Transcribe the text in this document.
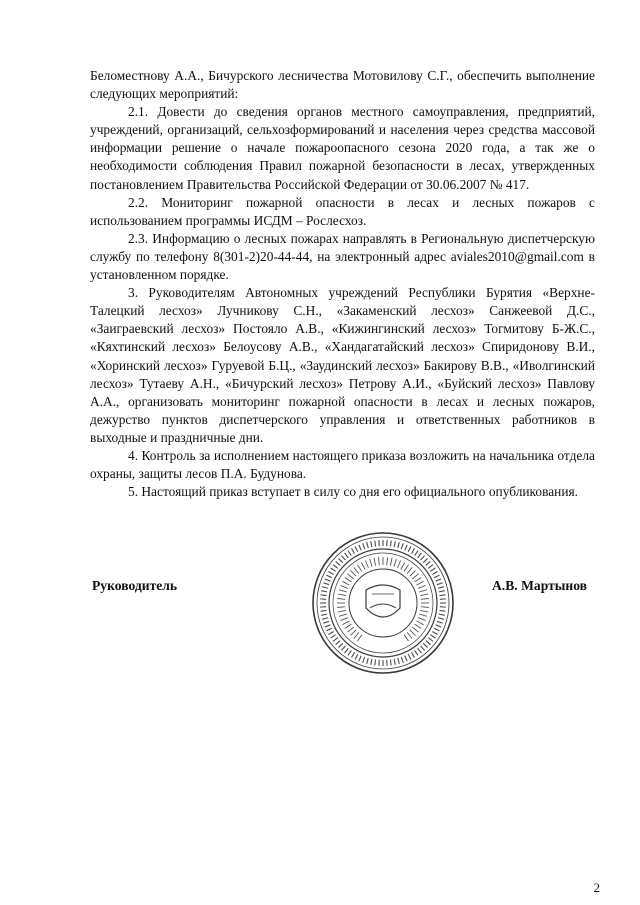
Беломестнову А.А., Бичурского лесничества Мотовилову С.Г., обеспечить выполнение следующих мероприятий:

2.1. Довести до сведения органов местного самоуправления, предприятий, учреждений, организаций, сельхозформирований и населения через средства массовой информации решение о начале пожароопасного сезона 2020 года, а так же о необходимости соблюдения Правил пожарной безопасности в лесах, утвержденных постановлением Правительства Российской Федерации от 30.06.2007 № 417.

2.2. Мониторинг пожарной опасности в лесах и лесных пожаров с использованием программы ИСДМ – Рослесхоз.

2.3. Информацию о лесных пожарах направлять в Региональную диспетчерскую службу по телефону 8(301-2)20-44-44, на электронный адрес aviales2010@gmail.com в установленном порядке.

3. Руководителям Автономных учреждений Республики Бурятия «Верхне-Талецкий лесхоз» Лучникову С.Н., «Закаменский лесхоз» Санжеевой Д.С., «Заиграевский лесхоз» Постояло А.В., «Кижингинский лесхоз» Тогмитову Б-Ж.С., «Кяхтинский лесхоз» Белоусову А.В., «Хандагатайский лесхоз» Спиридонову В.И., «Хоринский лесхоз» Гуруевой Б.Ц., «Заудинский лесхоз» Бакирову В.В., «Иволгинский лесхоз» Тутаеву А.Н., «Бичурский лесхоз» Петрову А.И., «Буйский лесхоз» Павлову А.А., организовать мониторинг пожарной опасности в лесах и лесных пожаров, дежурство пунктов диспетчерского управления и ответственных работников в выходные и праздничные дни.

4. Контроль за исполнением настоящего приказа возложить на начальника отдела охраны, защиты лесов П.А. Будунова.

5. Настоящий приказ вступает в силу со дня его официального опубликования.

Руководитель	А.В. Мартынов
2
